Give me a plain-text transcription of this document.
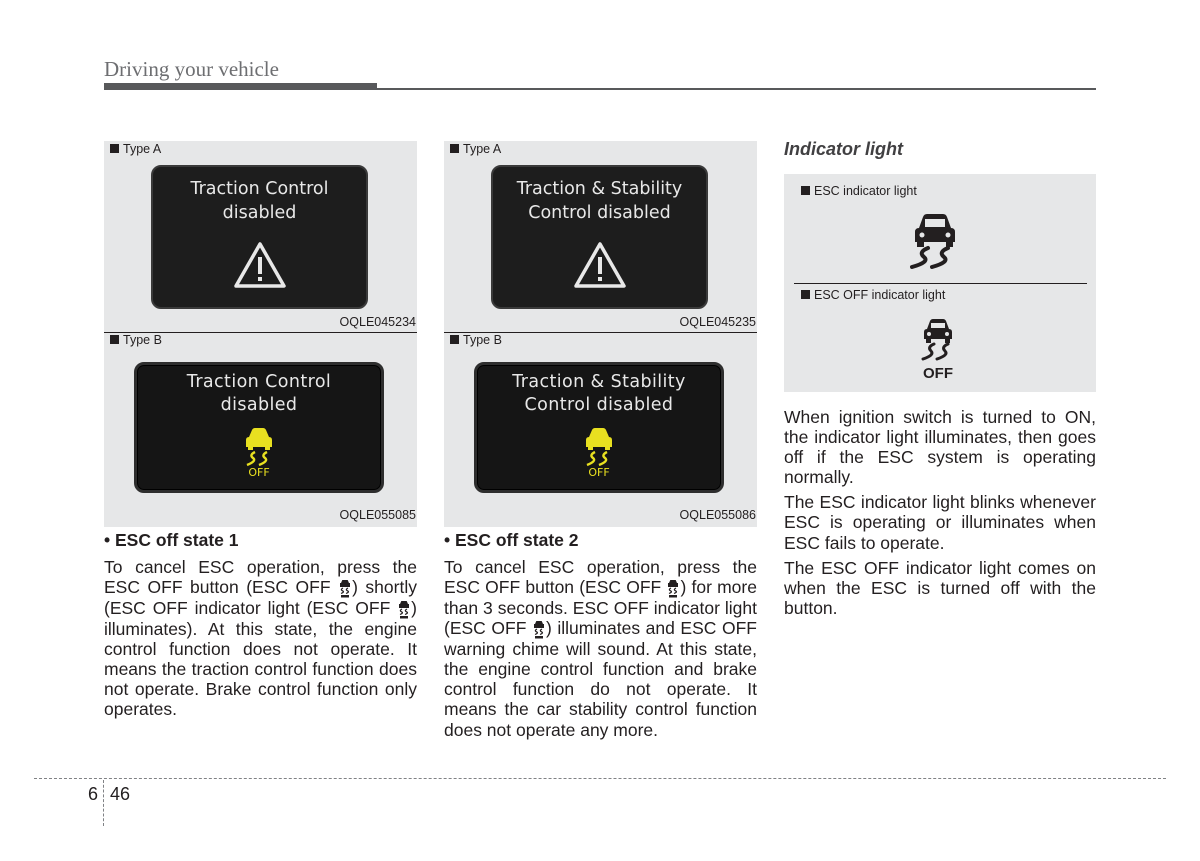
Driving your vehicle
Type A
Traction Control
disabled
OQLE045234
Type B
Traction Control
disabled
OFF
OQLE055085
Type A
Traction & Stability
Control disabled
OQLE045235
Type B
Traction & Stability
Control disabled
OFF
OQLE055086
• ESC off state 1

To cancel ESC operation, press the ESC OFF button (ESC OFF ) shortly (ESC OFF indicator light (ESC OFF ) illuminates). At this state, the engine control function does not operate. It means the traction control function does not operate. Brake control function only operates.

• ESC off state 2

To cancel ESC operation, press the ESC OFF button (ESC OFF ) for more than 3 seconds. ESC OFF indicator light (ESC OFF ) illuminates and ESC OFF warning chime will sound. At this state, the engine control function and brake control function do not operate. It means the car stability control function does not operate any more.

Indicator light
ESC indicator light
ESC OFF indicator light
OFF

When ignition switch is turned to ON, the indicator light illuminates, then goes off if the ESC system is operating normally.

The ESC indicator light blinks whenever ESC is operating or illuminates when ESC fails to operate.

The ESC OFF indicator light comes on when the ESC is turned off with the button.

6 46
